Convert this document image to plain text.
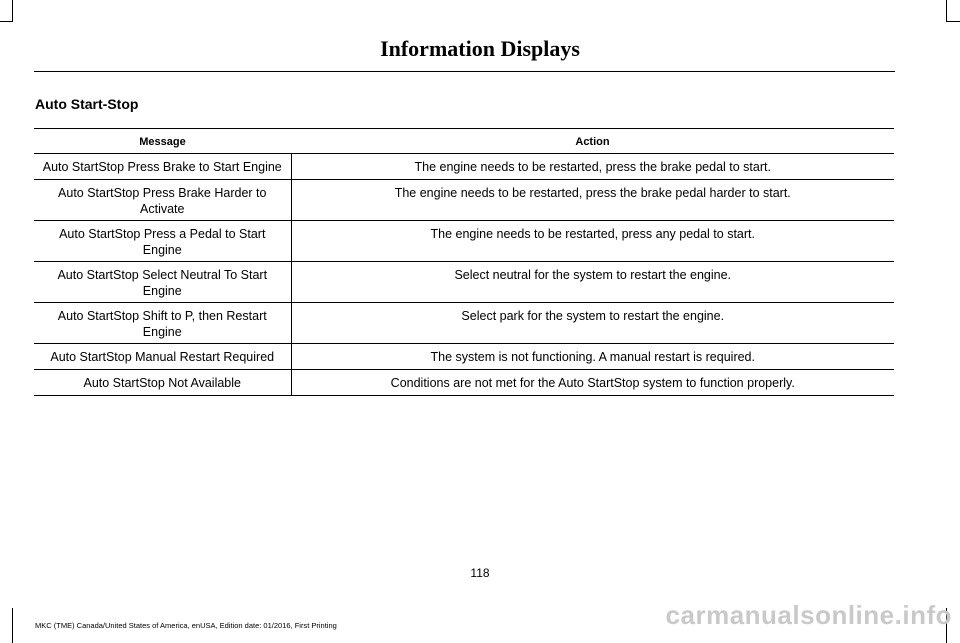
Information Displays
Auto Start-Stop
Message	Action
Auto StartStop Press Brake to Start Engine	The engine needs to be restarted, press the brake pedal to start.
Auto StartStop Press Brake Harder to Activate	The engine needs to be restarted, press the brake pedal harder to start.
Auto StartStop Press a Pedal to Start Engine	The engine needs to be restarted, press any pedal to start.
Auto StartStop Select Neutral To Start Engine	Select neutral for the system to restart the engine.
Auto StartStop Shift to P, then Restart Engine	Select park for the system to restart the engine.
Auto StartStop Manual Restart Required	The system is not functioning. A manual restart is required.
Auto StartStop Not Available	Conditions are not met for the Auto StartStop system to function properly.
118
MKC (TME) Canada/United States of America, enUSA, Edition date: 01/2016, First Printing	carmanualsonline.info
